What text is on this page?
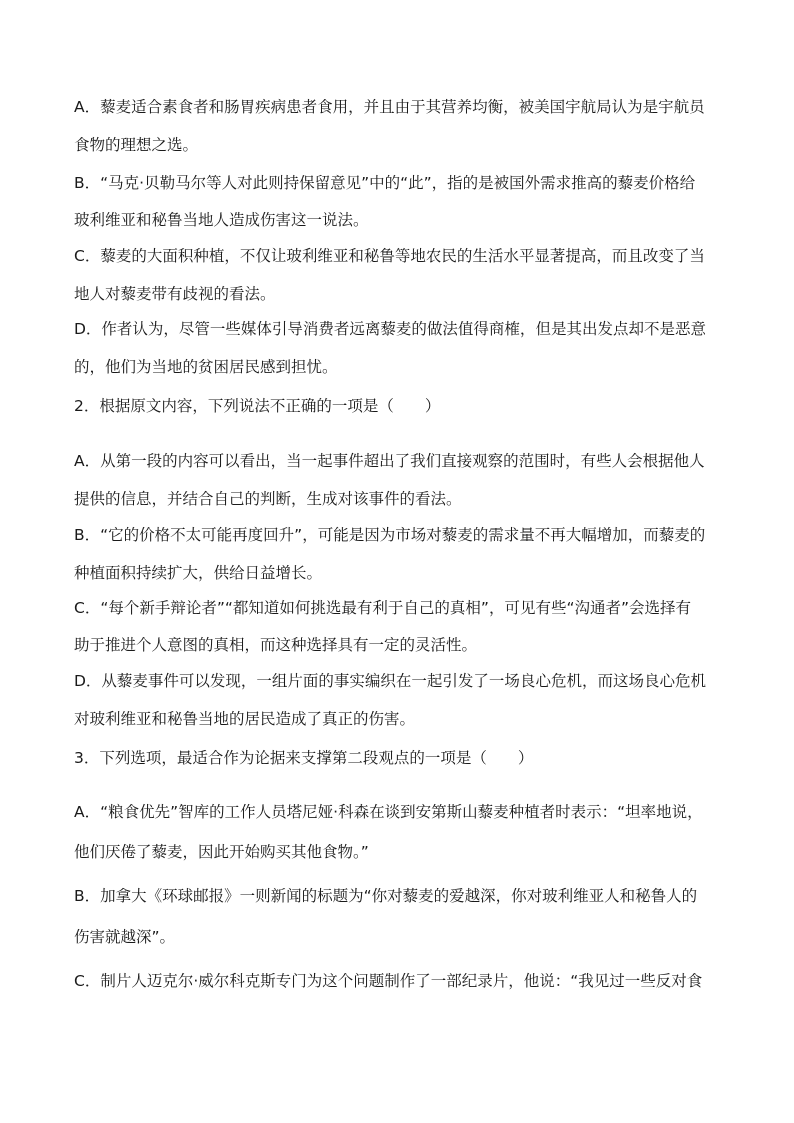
A．藜麦适合素食者和肠胃疾病患者食用，并且由于其营养均衡，被美国宇航局认为是宇航员
食物的理想之选。
B．“马克·贝勒马尔等人对此则持保留意见”中的“此”，指的是被国外需求推高的藜麦价格给
玻利维亚和秘鲁当地人造成伤害这一说法。
C．藜麦的大面积种植，不仅让玻利维亚和秘鲁等地农民的生活水平显著提高，而且改变了当
地人对藜麦带有歧视的看法。
D．作者认为，尽管一些媒体引导消费者远离藜麦的做法值得商榷，但是其出发点却不是恶意
的，他们为当地的贫困居民感到担忧。
2．根据原文内容，下列说法不正确的一项是（　　）
A．从第一段的内容可以看出，当一起事件超出了我们直接观察的范围时，有些人会根据他人
提供的信息，并结合自己的判断，生成对该事件的看法。
B．“它的价格不太可能再度回升”，可能是因为市场对藜麦的需求量不再大幅增加，而藜麦的
种植面积持续扩大，供给日益增长。
C．“每个新手辩论者”“都知道如何挑选最有利于自己的真相”，可见有些“沟通者”会选择有
助于推进个人意图的真相，而这种选择具有一定的灵活性。
D．从藜麦事件可以发现，一组片面的事实编织在一起引发了一场良心危机，而这场良心危机
对玻利维亚和秘鲁当地的居民造成了真正的伤害。
3．下列选项，最适合作为论据来支撑第二段观点的一项是（　　）
A．“粮食优先”智库的工作人员塔尼娅·科森在谈到安第斯山藜麦种植者时表示：“坦率地说，
他们厌倦了藜麦，因此开始购买其他食物。”
B．加拿大《环球邮报》一则新闻的标题为“你对藜麦的爱越深，你对玻利维亚人和秘鲁人的
伤害就越深”。
C．制片人迈克尔·威尔科克斯专门为这个问题制作了一部纪录片，他说：“我见过一些反对食
